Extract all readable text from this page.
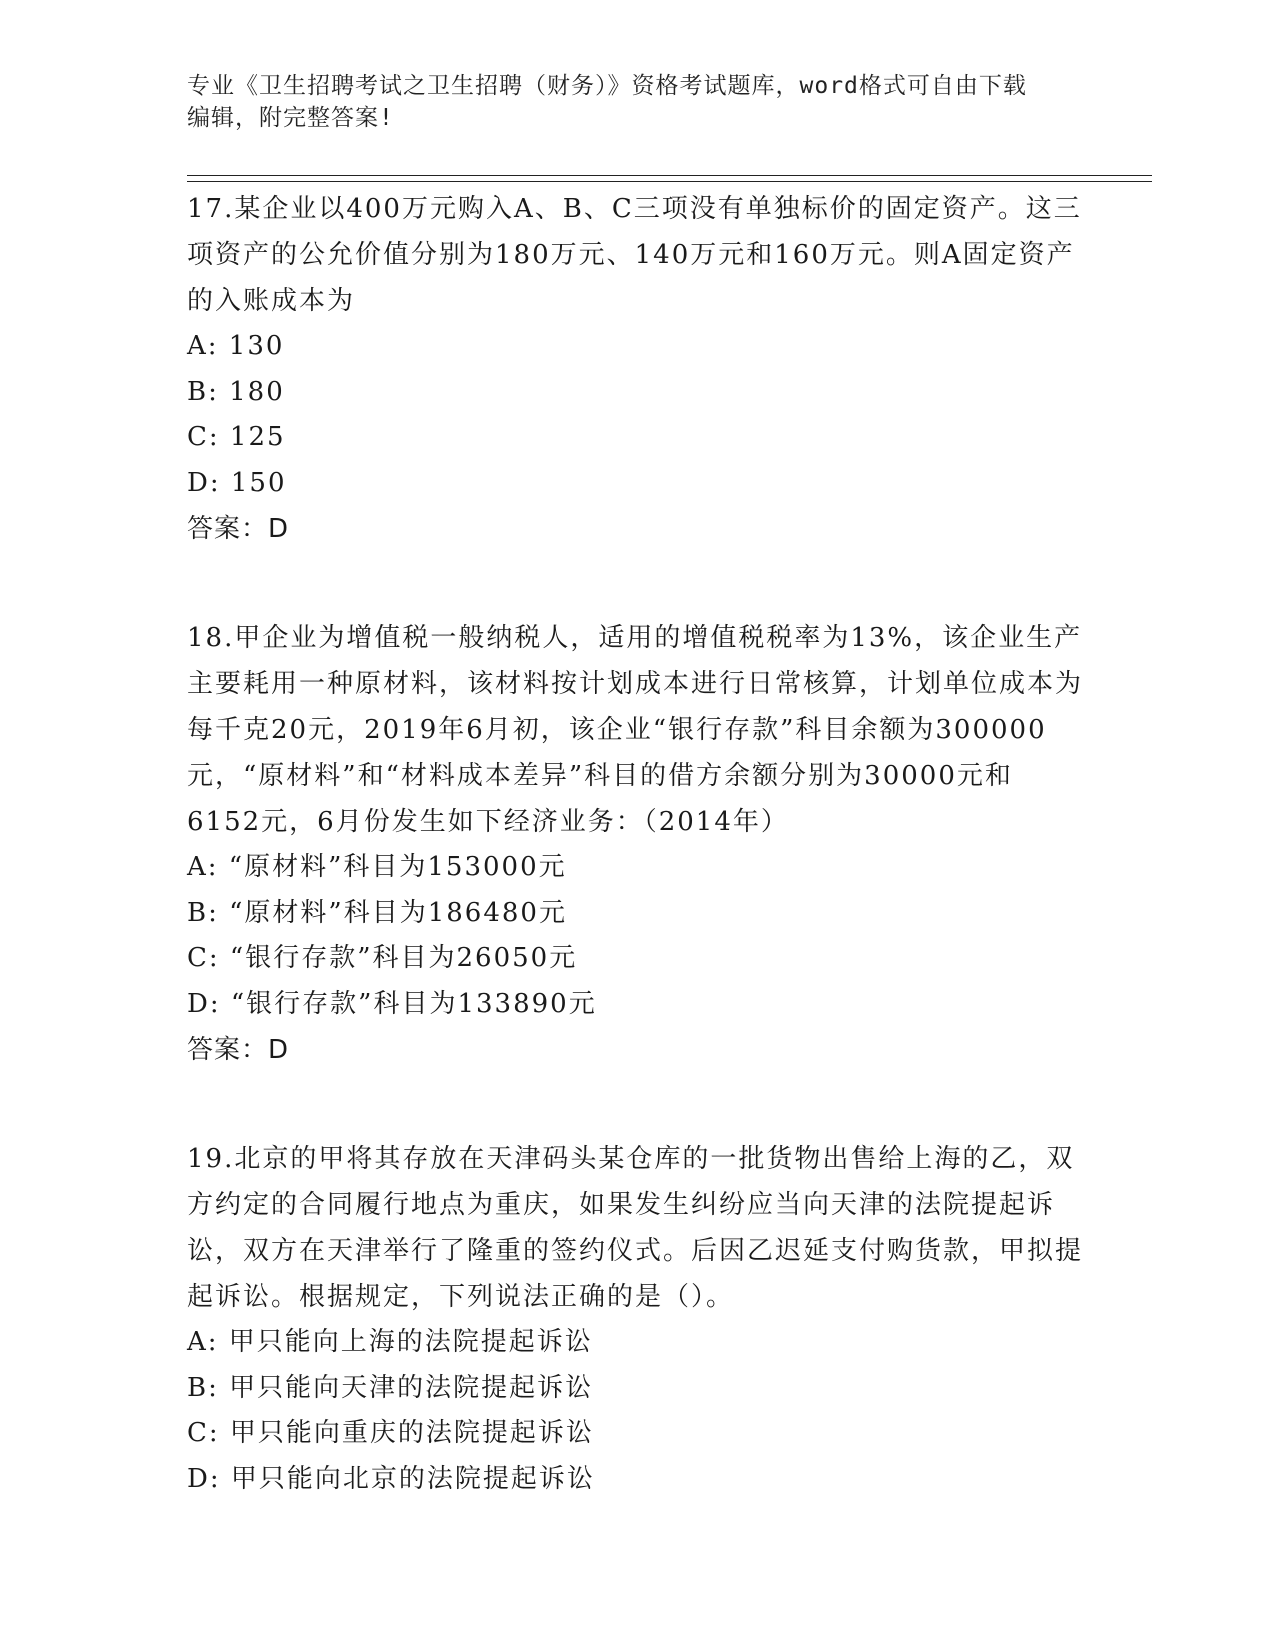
专业《卫生招聘考试之卫生招聘（财务）》资格考试题库，word格式可自由下载
编辑，附完整答案!

17.某企业以400万元购入A、B、C三项没有单独标价的固定资产。这三项资产的公允价值分别为180万元、140万元和160万元。则A固定资产的入账成本为

A: 130

B: 180

C: 125

D: 150

答案：D

18.甲企业为增值税一般纳税人，适用的增值税税率为13%，该企业生产主要耗用一种原材料，该材料按计划成本进行日常核算，计划单位成本为每千克20元，2019年6月初，该企业“银行存款”科目余额为300000元，“原材料”和“材料成本差异”科目的借方余额分别为30000元和6152元，6月份发生如下经济业务：（2014年）

A: “原材料”科目为153000元

B: “原材料”科目为186480元

C: “银行存款”科目为26050元

D: “银行存款”科目为133890元

答案：D

19.北京的甲将其存放在天津码头某仓库的一批货物出售给上海的乙，双方约定的合同履行地点为重庆，如果发生纠纷应当向天津的法院提起诉讼，双方在天津举行了隆重的签约仪式。后因乙迟延支付购货款，甲拟提起诉讼。根据规定，下列说法正确的是（）。

A: 甲只能向上海的法院提起诉讼

B: 甲只能向天津的法院提起诉讼

C: 甲只能向重庆的法院提起诉讼

D: 甲只能向北京的法院提起诉讼
